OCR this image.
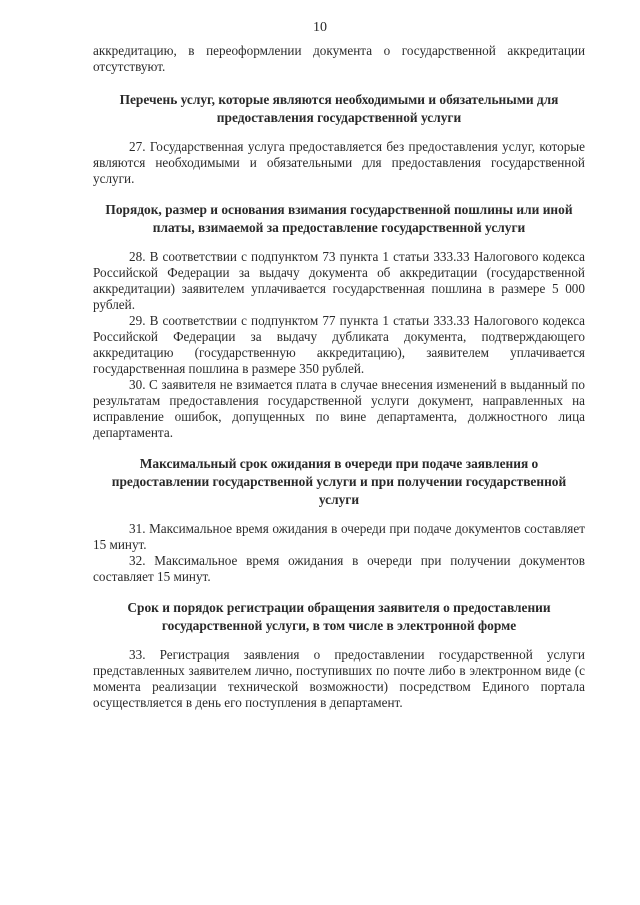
10

аккредитацию, в переоформлении документа о государственной аккредитации отсутствуют.

Перечень услуг, которые являются необходимыми и обязательными для предоставления государственной услуги

27. Государственная услуга предоставляется без предоставления услуг, которые являются необходимыми и обязательными для предоставления государственной услуги.

Порядок, размер и основания взимания государственной пошлины или иной платы, взимаемой за предоставление государственной услуги

28. В соответствии с подпунктом 73 пункта 1 статьи 333.33 Налогового кодекса Российской Федерации за выдачу документа об аккредитации (государственной аккредитации) заявителем уплачивается государственная пошлина в размере 5 000 рублей.

29. В соответствии с подпунктом 77 пункта 1 статьи 333.33 Налогового кодекса Российской Федерации за выдачу дубликата документа, подтверждающего аккредитацию (государственную аккредитацию), заявителем уплачивается государственная пошлина в размере 350 рублей.

30. С заявителя не взимается плата в случае внесения изменений в выданный по результатам предоставления государственной услуги документ, направленных на исправление ошибок, допущенных по вине департамента, должностного лица департамента.

Максимальный срок ожидания в очереди при подаче заявления о предоставлении государственной услуги и при получении государственной услуги

31. Максимальное время ожидания в очереди при подаче документов составляет 15 минут.

32. Максимальное время ожидания в очереди при получении документов составляет 15 минут.

Срок и порядок регистрации обращения заявителя о предоставлении государственной услуги, в том числе в электронной форме

33. Регистрация заявления о предоставлении государственной услуги представленных заявителем лично, поступивших по почте либо в электронном виде (с момента реализации технической возможности) посредством Единого портала осуществляется в день его поступления в департамент.
